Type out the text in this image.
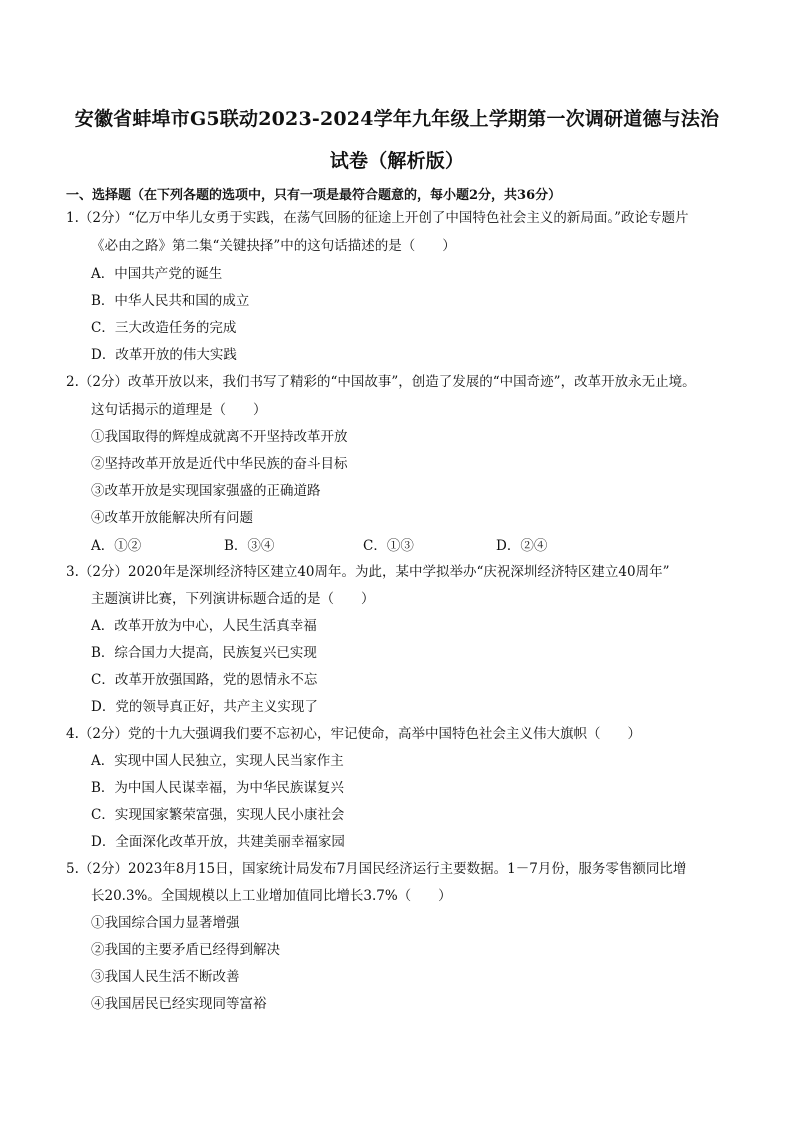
安徽省蚌埠市G5联动2023-2024学年九年级上学期第一次调研道德与法治
试卷（解析版）
一、选择题（在下列各题的选项中，只有一项是最符合题意的，每小题2分，共36分）
1.（2分）“亿万中华儿女勇于实践，在荡气回肠的征途上开创了中国特色社会主义的新局面。”政论专题片
《必由之路》第二集“关键抉择”中的这句话描述的是（　　）
A．中国共产党的诞生
B．中华人民共和国的成立
C．三大改造任务的完成
D．改革开放的伟大实践
2.（2分）改革开放以来，我们书写了精彩的“中国故事”，创造了发展的“中国奇迹”，改革开放永无止境。
这句话揭示的道理是（　　）
①我国取得的辉煌成就离不开坚持改革开放
②坚持改革开放是近代中华民族的奋斗目标
③改革开放是实现国家强盛的正确道路
④改革开放能解决所有问题
A．①②	B．③④	C．①③	D．②④
3.（2分）2020年是深圳经济特区建立40周年。为此，某中学拟举办“庆祝深圳经济特区建立40周年”
主题演讲比赛，下列演讲标题合适的是（　　）
A．改革开放为中心，人民生活真幸福
B．综合国力大提高，民族复兴已实现
C．改革开放强国路，党的恩情永不忘
D．党的领导真正好，共产主义实现了
4.（2分）党的十九大强调我们要不忘初心，牢记使命，高举中国特色社会主义伟大旗帜（　　）
A．实现中国人民独立，实现人民当家作主
B．为中国人民谋幸福，为中华民族谋复兴
C．实现国家繁荣富强，实现人民小康社会
D．全面深化改革开放，共建美丽幸福家园
5.（2分）2023年8月15日，国家统计局发布7月国民经济运行主要数据。1－7月份，服务零售额同比增
长20.3%。全国规模以上工业增加值同比增长3.7%（　　）
①我国综合国力显著增强
②我国的主要矛盾已经得到解决
③我国人民生活不断改善
④我国居民已经实现同等富裕
